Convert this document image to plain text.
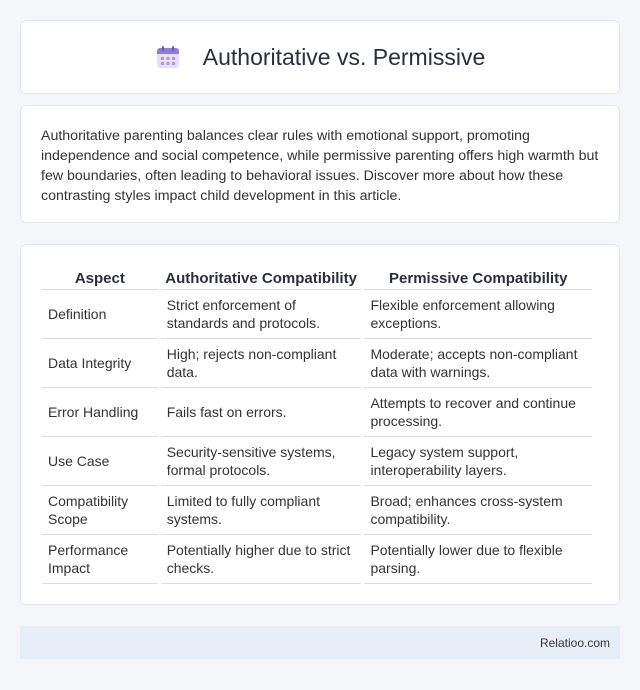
Authoritative vs. Permissive

Authoritative parenting balances clear rules with emotional support, promoting independence and social competence, while permissive parenting offers high warmth but few boundaries, often leading to behavioral issues. Discover more about how these contrasting styles impact child development in this article.

Aspect	Authoritative Compatibility	Permissive Compatibility
Definition	Strict enforcement of standards and protocols.	Flexible enforcement allowing exceptions.
Data Integrity	High; rejects non-compliant data.	Moderate; accepts non-compliant data with warnings.
Error Handling	Fails fast on errors.	Attempts to recover and continue processing.
Use Case	Security-sensitive systems, formal protocols.	Legacy system support, interoperability layers.
Compatibility Scope	Limited to fully compliant systems.	Broad; enhances cross-system compatibility.
Performance Impact	Potentially higher due to strict checks.	Potentially lower due to flexible parsing.
Relatioo.com
